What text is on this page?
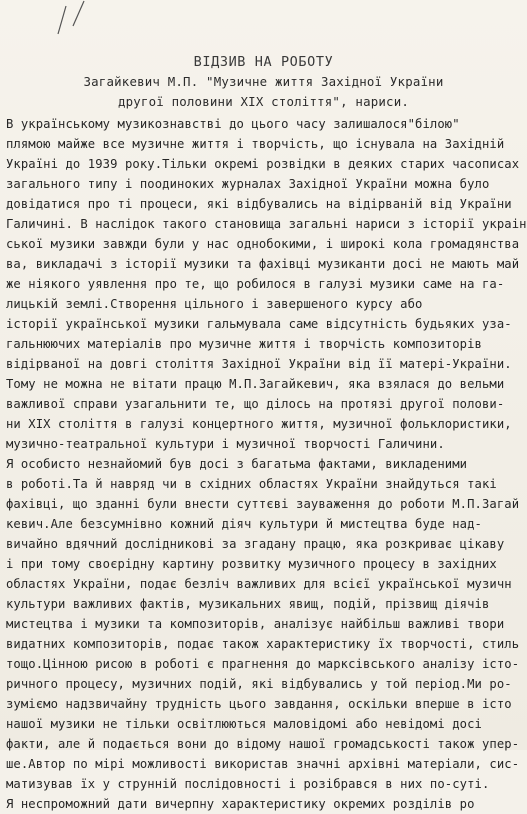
ВІДЗИВ НА РОБОТУ
Загайкевич М.П. "Музичне життя Західної України
другої половини XIX століття", нариси.
В українському музикознавстві до цього часу залишалося"білою"
плямою майже все музичне життя і творчість, що існувала на Західній
Україні до 1939 року.Тільки окремі розвідки в деяких старих часописах
загального типу і поодиноких журналах Західної України можна було
довідатися про ті процеси, які відбувались на відірваній від України
Галичині. В наслідок такого становища загальні нариси з історії украін
ської музики завжди були у нас однобокими, і широкі кола громадянства
ва, викладачі з історії музики та фахівці музиканти досі не мають май
же ніякого уявлення про те, що робилося в галузі музики саме на га-
лицькій землі.Створення цільного і завершеного курсу або
історії української музики гальмувала саме відсутність будьяких уза-
гальнюючих матеріалів про музичне життя і творчість композиторів
відірваної на довгі століття Західної України від її матері-України.
Тому не можна не вітати працю М.П.Загайкевич, яка взялася до вельми
важливої справи узагальнити те, що ділось на протязі другої полови-
ни XIX століття в галузі концертного життя, музичної фольклористики,
музично-театральної культури і музичної творчості Галичини.
Я особисто незнайомий був досі з багатьма фактами, викладеними
в роботі.Та й навряд чи в східних областях України знайдуться такі
фахівці, що зданні були внести суттєві зауваження до роботи М.П.Загай
кевич.Але безсумнівно кожний діяч культури й мистецтва буде над-
вичайно вдячний дослідниковi за згадану працю, яка розкриває цікаву
і при тому своєрідну картину розвитку музичного процесу в західних
областях України, подає безліч важливих для всієї української музичн
культури важливих фактів, музикальних явищ, подій, прізвищ діячів
мистецтва і музики та композиторів, аналізує найбільш важливі твори
видатних композиторів, подає також характеристику їх творчості, стиль
тощо.Цінною рисою в роботі є прагнення до марксівського аналізу істо-
ричного процесу, музичних подій, які відбувались у той період.Ми ро-
зуміємо надзвичайну трудність цього завдання, оскільки вперше в істо
нашої музики не тільки освітлюються маловідомі або невідомі досі
факти, але й подається вони до відому нашої громадськості також упер-
ше.Автор по мірі можливості використав значні архівні матеріали, сис-
матизував їх у струнній послідовності і розібрався в них по-суті.
Я неспроможний дати вичерпну характеристику окремих розділів ро
